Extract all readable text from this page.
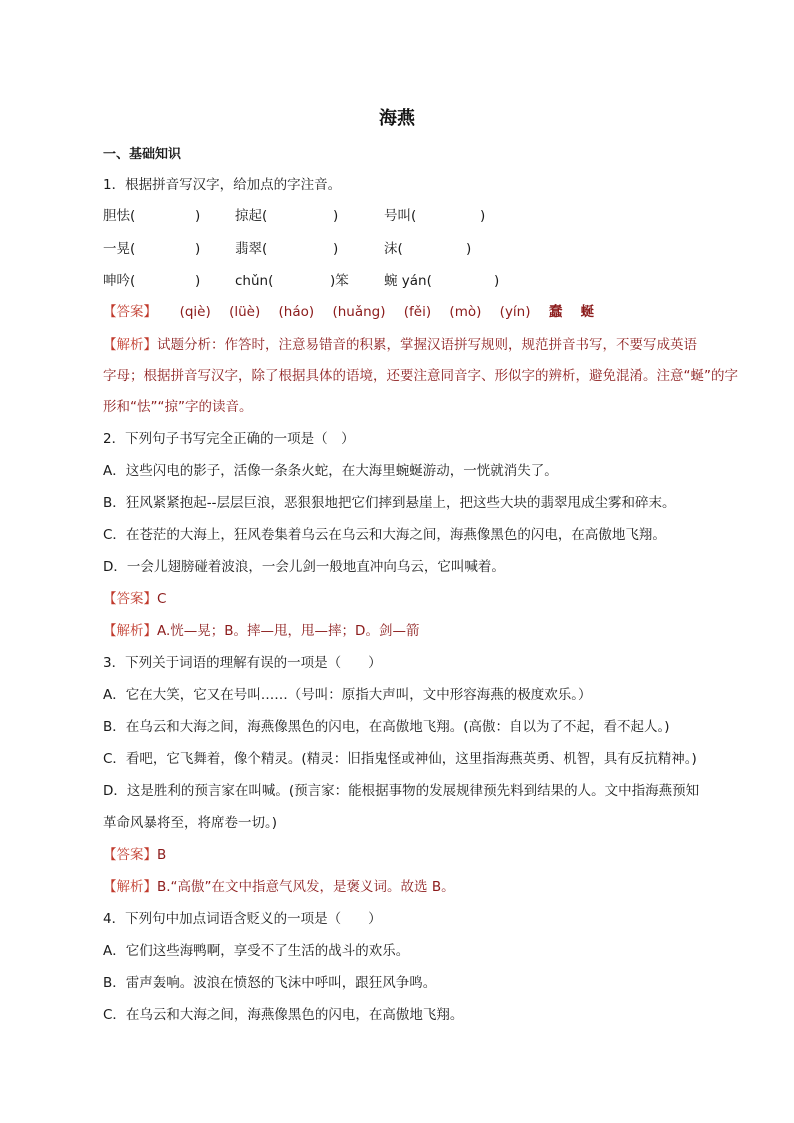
海燕
一、基础知识
1．根据拼音写汉字，给加点的字注音。
胆怯(	)	掠起(	)	号叫(	)
一晃(	)	翡翠(	)	沫(	)
呻吟(	)	chǔn(	)笨	蜿 yán(	)
【答案】 (qiè) (lüè) (háo) (huǎng) (fěi) (mò) (yín) 蠢 蜒
【解析】试题分析：作答时，注意易错音的积累，掌握汉语拼写规则，规范拼音书写，不要写成英语
字母；根据拼音写汉字，除了根据具体的语境，还要注意同音字、形似字的辨析，避免混淆。注意“蜒”的字
形和“怯”“掠”字的读音。
2．下列句子书写完全正确的一项是（　）
A．这些闪电的影子，活像一条条火蛇，在大海里蜿蜒游动，一恍就消失了。
B．狂风紧紧抱起--层层巨浪，恶狠狠地把它们摔到悬崖上，把这些大块的翡翠甩成尘雾和碎末。
C．在苍茫的大海上，狂风卷集着乌云在乌云和大海之间，海燕像黑色的闪电，在高傲地飞翔。
D．一会儿翅膀碰着波浪，一会儿剑一般地直冲向乌云，它叫喊着。
【答案】C
【解析】A.恍—晃；B。摔—甩，甩—摔；D。剑—箭
3．下列关于词语的理解有误的一项是（　　）
A．它在大笑，它又在号叫……（号叫：原指大声叫，文中形容海燕的极度欢乐。）
B．在乌云和大海之间，海燕像黑色的闪电，在高傲地飞翔。(高傲：自以为了不起，看不起人。)
C．看吧，它飞舞着，像个精灵。(精灵：旧指鬼怪或神仙，这里指海燕英勇、机智，具有反抗精神。)
D．这是胜利的预言家在叫喊。(预言家：能根据事物的发展规律预先料到结果的人。文中指海燕预知
革命风暴将至，将席卷一切。)
【答案】B
【解析】B.“高傲”在文中指意气风发，是褒义词。故选 B。
4．下列句中加点词语含贬义的一项是（　　）
A．它们这些海鸭啊，享受不了生活的战斗的欢乐。
B．雷声轰响。波浪在愤怒的飞沫中呼叫，跟狂风争鸣。
C．在乌云和大海之间，海燕像黑色的闪电，在高傲地飞翔。
